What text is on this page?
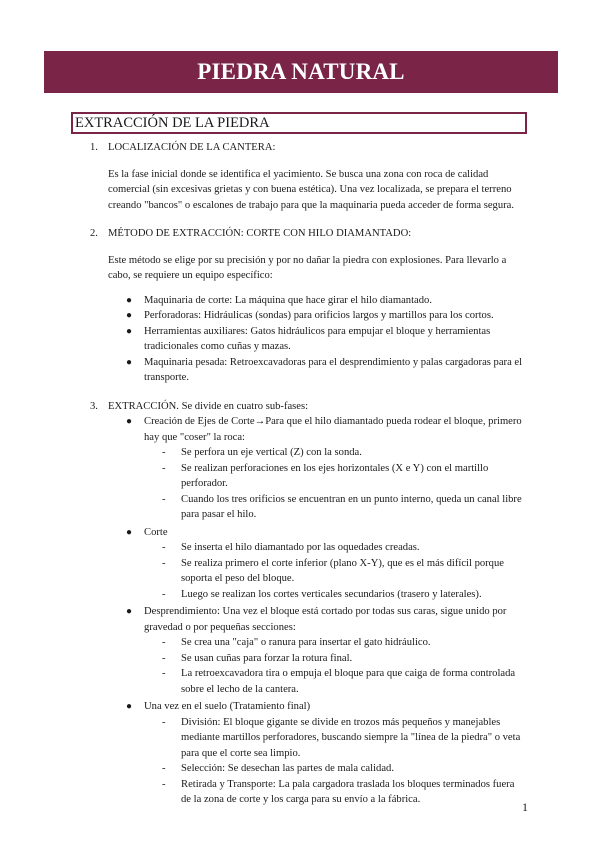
PIEDRA NATURAL
EXTRACCIÓN DE LA PIEDRA
1. LOCALIZACIÓN DE LA CANTERA:
Es la fase inicial donde se identifica el yacimiento. Se busca una zona con roca de calidad comercial (sin excesivas grietas y con buena estética). Una vez localizada, se prepara el terreno creando "bancos" o escalones de trabajo para que la maquinaria pueda acceder de forma segura.
2. MÉTODO DE EXTRACCIÓN: CORTE CON HILO DIAMANTADO:
Este método se elige por su precisión y por no dañar la piedra con explosiones. Para llevarlo a cabo, se requiere un equipo específico:
● Maquinaria de corte: La máquina que hace girar el hilo diamantado.
● Perforadoras: Hidráulicas (sondas) para orificios largos y martillos para los cortos.
● Herramientas auxiliares: Gatos hidráulicos para empujar el bloque y herramientas tradicionales como cuñas y mazas.
● Maquinaria pesada: Retroexcavadoras para el desprendimiento y palas cargadoras para el transporte.
3. EXTRACCIÓN. Se divide en cuatro sub-fases:
● Creación de Ejes de Corte→Para que el hilo diamantado pueda rodear el bloque, primero hay que "coser" la roca:
- Se perfora un eje vertical (Z) con la sonda.
- Se realizan perforaciones en los ejes horizontales (X e Y) con el martillo perforador.
- Cuando los tres orificios se encuentran en un punto interno, queda un canal libre para pasar el hilo.
● Corte
- Se inserta el hilo diamantado por las oquedades creadas.
- Se realiza primero el corte inferior (plano X-Y), que es el más difícil porque soporta el peso del bloque.
- Luego se realizan los cortes verticales secundarios (trasero y laterales).
● Desprendimiento: Una vez el bloque está cortado por todas sus caras, sigue unido por gravedad o por pequeñas secciones:
- Se crea una "caja" o ranura para insertar el gato hidráulico.
- Se usan cuñas para forzar la rotura final.
- La retroexcavadora tira o empuja el bloque para que caiga de forma controlada sobre el lecho de la cantera.
● Una vez en el suelo (Tratamiento final)
- División: El bloque gigante se divide en trozos más pequeños y manejables mediante martillos perforadores, buscando siempre la "línea de la piedra" o veta para que el corte sea limpio.
- Selección: Se desechan las partes de mala calidad.
- Retirada y Transporte: La pala cargadora traslada los bloques terminados fuera de la zona de corte y los carga para su envío a la fábrica.
1
